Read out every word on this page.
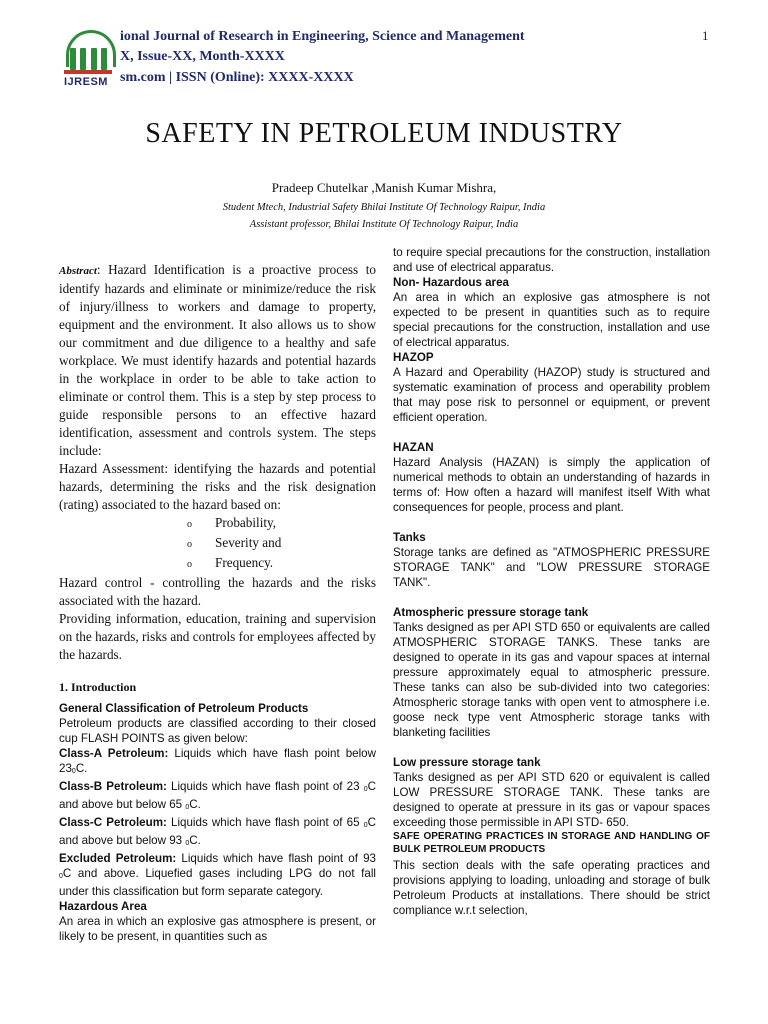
IJRESM
ional Journal of Research in Engineering, Science and Management
X, Issue-XX, Month-XXXX
sm.com | ISSN (Online): XXXX-XXXX
1
SAFETY IN PETROLEUM INDUSTRY
Pradeep Chutelkar ,Manish Kumar Mishra,
Student Mtech, Industrial Safety Bhilai Institute Of Technology Raipur, India
Assistant professor, Bhilai Institute Of Technology Raipur, India

Abstract: Hazard Identification is a proactive process to identify hazards and eliminate or minimize/reduce the risk of injury/illness to workers and damage to property, equipment and the environment. It also allows us to show our commitment and due diligence to a healthy and safe workplace. We must identify hazards and potential hazards in the workplace in order to be able to take action to eliminate or control them. This is a step by step process to guide responsible persons to an effective hazard identification, assessment and controls system. The steps include:

Hazard Assessment: identifying the hazards and potential hazards, determining the risks and the risk designation (rating) associated to the hazard based on:

o Probability,
o Severity and
o Frequency.

Hazard control - controlling the hazards and the risks associated with the hazard.

Providing information, education, training and supervision on the hazards, risks and controls for employees affected by the hazards.

1. Introduction

General Classification of Petroleum Products

Petroleum products are classified according to their closed cup FLASH POINTS as given below:

Class-A Petroleum: Liquids which have flash point below $23_0C$.

Class-B Petroleum: Liquids which have flash point of 23 $_0$C and above but below 65 $_0$C.

Class-C Petroleum: Liquids which have flash point of 65 $_0$C and above but below 93 $_0$C.

Excluded Petroleum: Liquids which have flash point of 93 $_0$C and above. Liquefied gases including LPG do not fall under this classification but form separate category.

Hazardous Area

An area in which an explosive gas atmosphere is present, or likely to be present, in quantities such as

to require special precautions for the construction, installation and use of electrical apparatus.

Non- Hazardous area

An area in which an explosive gas atmosphere is not expected to be present in quantities such as to require special precautions for the construction, installation and use of electrical apparatus.

HAZOP

A Hazard and Operability (HAZOP) study is structured and systematic examination of process and operability problem that may pose risk to personnel or equipment, or prevent efficient operation.

HAZAN

Hazard Analysis (HAZAN) is simply the application of numerical methods to obtain an understanding of hazards in terms of: How often a hazard will manifest itself With what consequences for people, process and plant.

Tanks

Storage tanks are defined as "ATMOSPHERIC PRESSURE STORAGE TANK" and "LOW PRESSURE STORAGE TANK".

Atmospheric pressure storage tank

Tanks designed as per API STD 650 or equivalents are called ATMOSPHERIC STORAGE TANKS. These tanks are designed to operate in its gas and vapour spaces at internal pressure approximately equal to atmospheric pressure. These tanks can also be sub-divided into two categories: Atmospheric storage tanks with open vent to atmosphere i.e. goose neck type vent Atmospheric storage tanks with blanketing facilities

Low pressure storage tank

Tanks designed as per API STD 620 or equivalent is called LOW PRESSURE STORAGE TANK. These tanks are designed to operate at pressure in its gas or vapour spaces exceeding those permissible in API STD- 650.

SAFE OPERATING PRACTICES IN STORAGE AND HANDLING OF BULK PETROLEUM PRODUCTS

This section deals with the safe operating practices and provisions applying to loading, unloading and storage of bulk Petroleum Products at installations. There should be strict compliance w.r.t selection,
